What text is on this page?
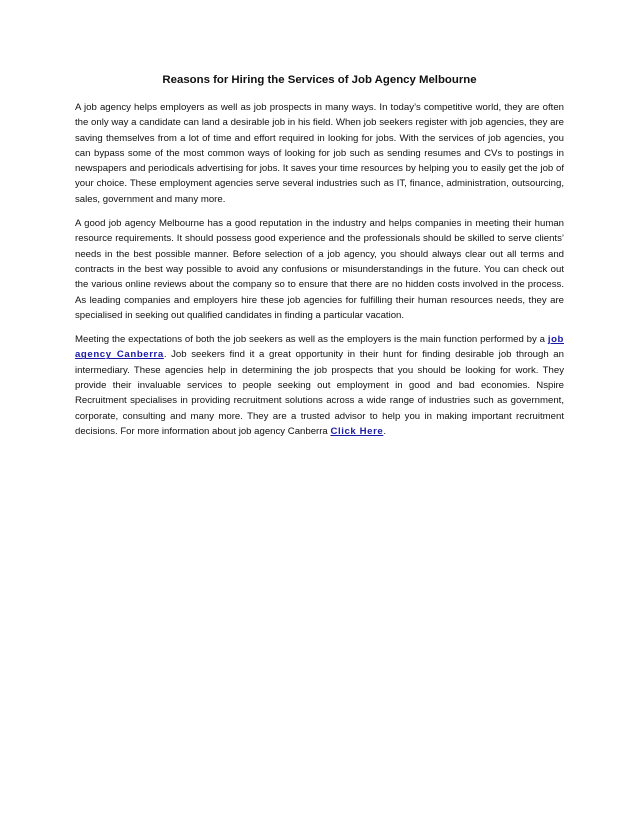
Reasons for Hiring the Services of Job Agency Melbourne

A job agency helps employers as well as job prospects in many ways. In today’s competitive world, they are often the only way a candidate can land a desirable job in his field. When job seekers register with job agencies, they are saving themselves from a lot of time and effort required in looking for jobs. With the services of job agencies, you can bypass some of the most common ways of looking for job such as sending resumes and CVs to postings in newspapers and periodicals advertising for jobs. It saves your time resources by helping you to easily get the job of your choice. These employment agencies serve several industries such as IT, finance, administration, outsourcing, sales, government and many more.

A good job agency Melbourne has a good reputation in the industry and helps companies in meeting their human resource requirements. It should possess good experience and the professionals should be skilled to serve clients’ needs in the best possible manner. Before selection of a job agency, you should always clear out all terms and contracts in the best way possible to avoid any confusions or misunderstandings in the future. You can check out the various online reviews about the company so to ensure that there are no hidden costs involved in the process. As leading companies and employers hire these job agencies for fulfilling their human resources needs, they are specialised in seeking out qualified candidates in finding a particular vacation.

Meeting the expectations of both the job seekers as well as the employers is the main function performed by a job agency Canberra. Job seekers find it a great opportunity in their hunt for finding desirable job through an intermediary. These agencies help in determining the job prospects that you should be looking for work. They provide their invaluable services to people seeking out employment in good and bad economies. Nspire Recruitment specialises in providing recruitment solutions across a wide range of industries such as government, corporate, consulting and many more. They are a trusted advisor to help you in making important recruitment decisions. For more information about job agency Canberra Click Here.
